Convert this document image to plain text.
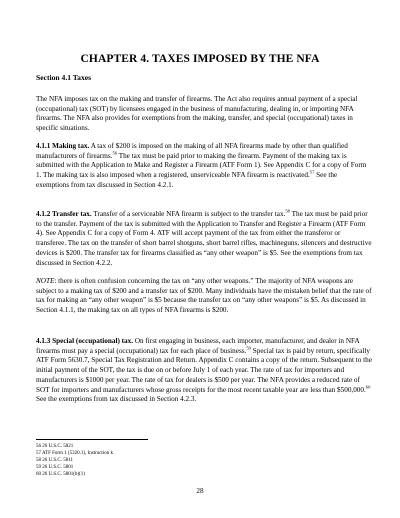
CHAPTER 4. TAXES IMPOSED BY THE NFA
Section 4.1 Taxes

The NFA imposes tax on the making and transfer of firearms. The Act also requires annual payment of a special (occupational) tax (SOT) by licensees engaged in the business of manufacturing, dealing in, or importing NFA firearms. The NFA also provides for exemptions from the making, transfer, and special (occupational) taxes in specific situations.

4.1.1 Making tax. A tax of $200 is imposed on the making of all NFA firearms made by other than qualified manufacturers of firearms.$^{56}$ The tax must be paid prior to making the firearm. Payment of the making tax is submitted with the Application to Make and Register a Firearm (ATF Form 1). See Appendix C for a copy of Form 1. The making tax is also imposed when a registered, unserviceable NFA firearm is reactivated.$^{57}$ See the exemptions from tax discussed in Section 4.2.1.

4.1.2 Transfer tax. Transfer of a serviceable NFA firearm is subject to the transfer tax.$^{58}$ The tax must be paid prior to the transfer. Payment of the tax is submitted with the Application to Transfer and Register a Firearm (ATF Form 4). See Appendix C for a copy of Form 4. ATF will accept payment of the tax from either the transferor or transferee. The tax on the transfer of short barrel shotguns, short barrel rifles, machineguns, silencers and destructive devices is $200. The transfer tax for firearms classified as “any other weapon” is $5. See the exemptions from tax discussed in Section 4.2.2.

NOTE: there is often confusion concerning the tax on “any other weapons.” The majority of NFA weapons are subject to a making tax of $200 and a transfer tax of $200. Many individuals have the mistaken belief that the rate of tax for making an “any other weapon” is $5 because the transfer tax on “any other weapons” is $5. As discussed in Section 4.1.1, the making tax on all types of NFA firearms is $200.

4.1.3 Special (occupational) tax. On first engaging in business, each importer, manufacturer, and dealer in NFA firearms must pay a special (occupational) tax for each place of business.$^{59}$ Special tax is paid by return, specifically ATF Form 5630.7, Special Tax Registration and Return. Appendix C contains a copy of the return. Subsequent to the initial payment of the SOT, the tax is due on or before July 1 of each year. The rate of tax for importers and manufacturers is $1000 per year. The rate of tax for dealers is $500 per year. The NFA provides a reduced rate of SOT for importers and manufacturers whose gross receipts for the most recent taxable year are less than $500,000.60 See the exemptions from tax discussed in Section 4.2.3.

56 26 U.S.C. 5821
57 ATF Form 1 (5320.1), Instruction k
58 26 U.S.C. 5811
59 26 U.S.C. 5801
60 26 U.S.C. 5801(b)(1)
28
